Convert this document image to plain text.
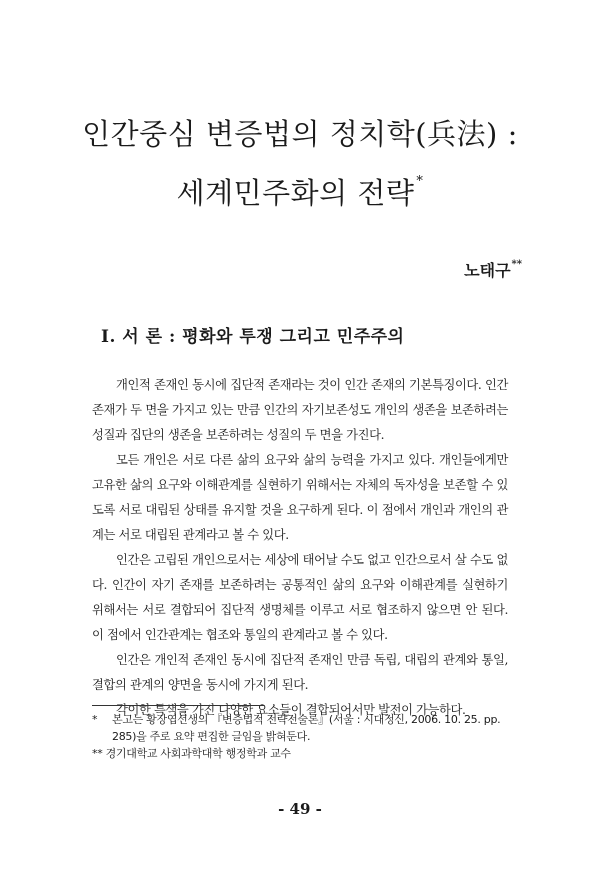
인간중심 변증법의 정치학(兵法) :
세계민주화의 전략 *
노태구**
Ⅰ. 서 론 : 평화와 투쟁 그리고 민주주의

개인적 존재인 동시에 집단적 존재라는 것이 인간 존재의 기본특징이다. 인간 존재가 두 면을 가지고 있는 만큼 인간의 자기보존성도 개인의 생존을 보존하려는 성질과 집단의 생존을 보존하려는 성질의 두 면을 가진다.

모든 개인은 서로 다른 삶의 요구와 삶의 능력을 가지고 있다. 개인들에게만 고유한 삶의 요구와 이해관계를 실현하기 위해서는 자체의 독자성을 보존할 수 있도록 서로 대립된 상태를 유지할 것을 요구하게 된다. 이 점에서 개인과 개인의 관계는 서로 대립된 관계라고 볼 수 있다.

인간은 고립된 개인으로서는 세상에 태어날 수도 없고 인간으로서 살 수도 없다. 인간이 자기 존재를 보존하려는 공통적인 삶의 요구와 이해관계를 실현하기 위해서는 서로 결합되어 집단적 생명체를 이루고 서로 협조하지 않으면 안 된다. 이 점에서 인간관계는 협조와 통일의 관계라고 볼 수 있다.

인간은 개인적 존재인 동시에 집단적 존재인 만큼 독립, 대립의 관계와 통일, 결합의 관계의 양면을 동시에 가지게 된다.

각이한 특색을 가진 다양한 요소들이 결합되어서만 발전이 가능하다.

* 본고는 황장엽선생의 『변증법적 전략전술론』(서울 : 시대정신, 2006. 10. 25. pp. 285)을 주로 요약 편집한 글임을 밝혀둔다.

** 경기대학교 사회과학대학 행정학과 교수

- 49 -
